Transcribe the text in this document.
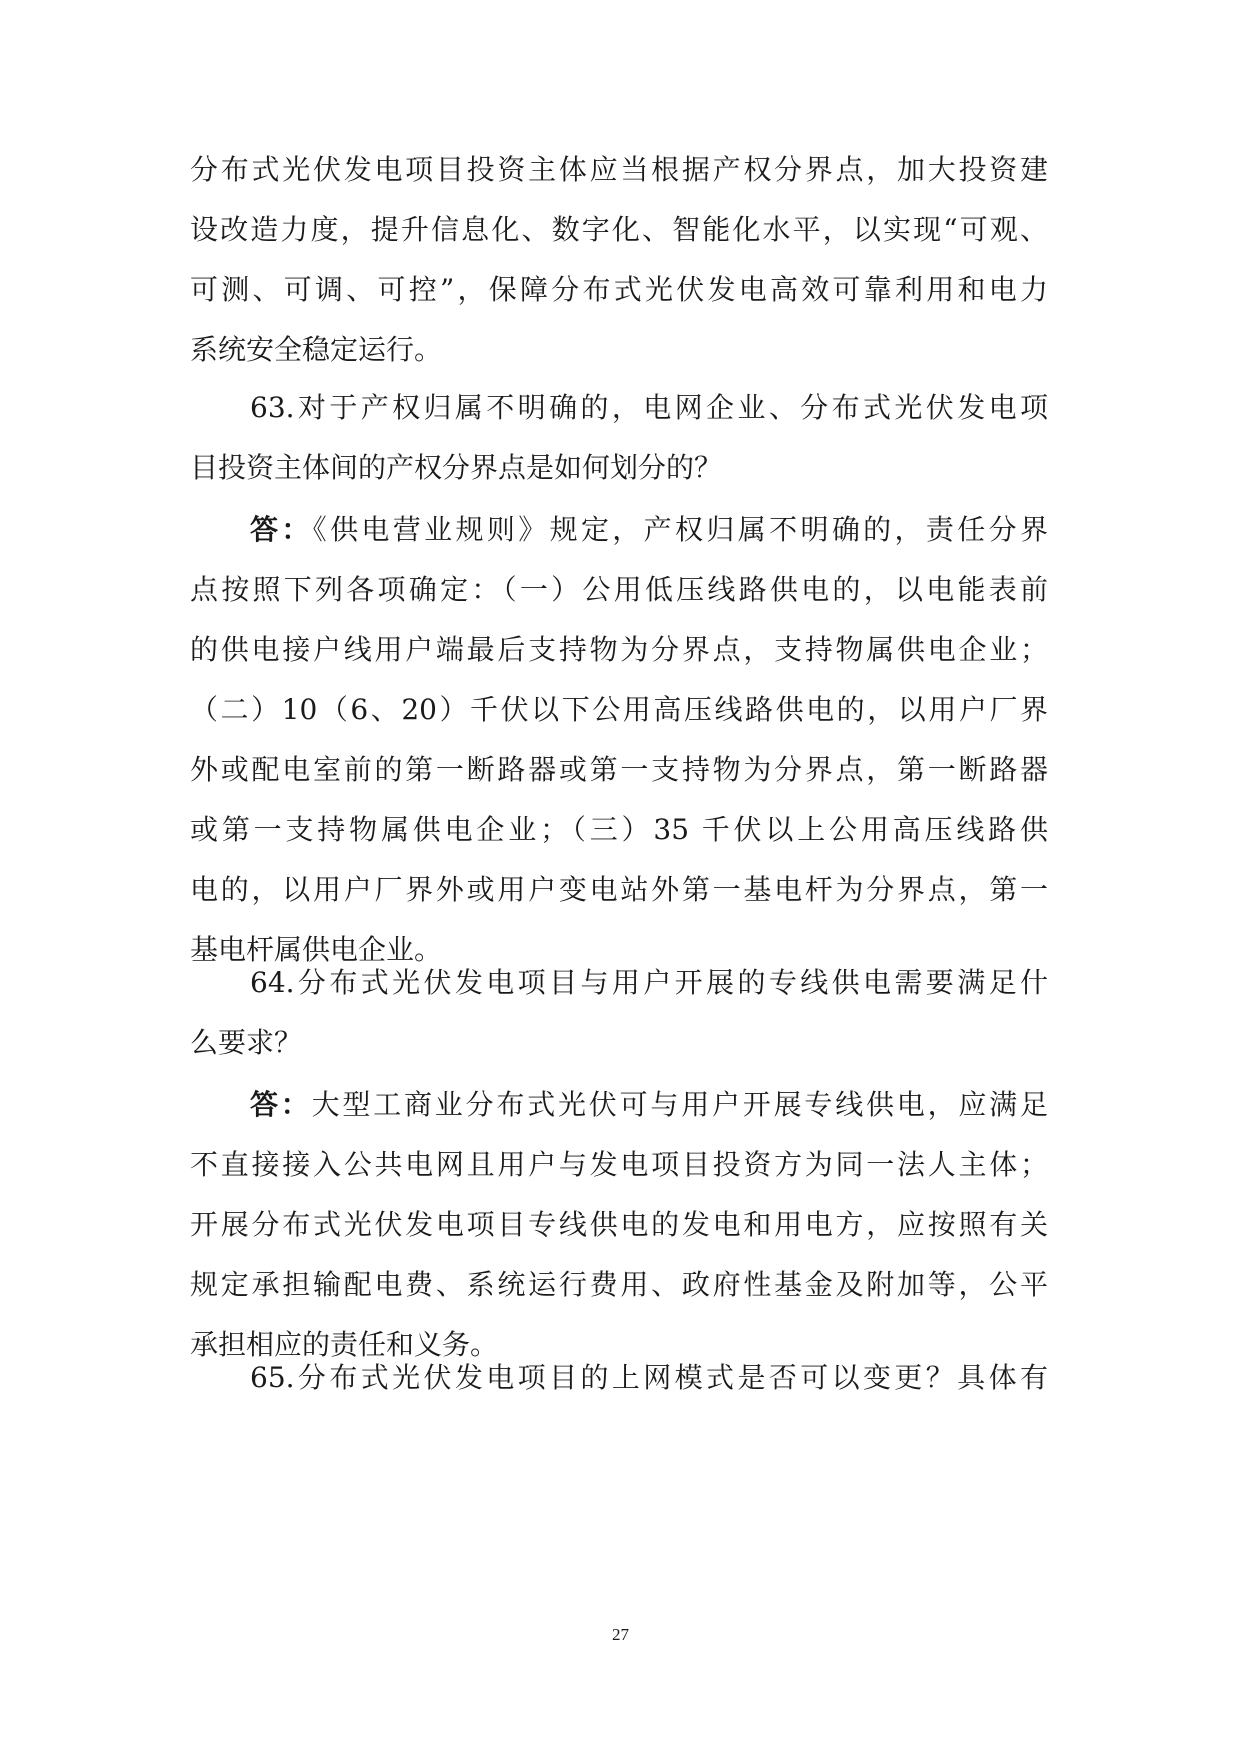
分布式光伏发电项目投资主体应当根据产权分界点，加大投资建
设改造力度，提升信息化、数字化、智能化水平，以实现“可观、
可测、可调、可控”，保障分布式光伏发电高效可靠利用和电力
系统安全稳定运行。
63.对于产权归属不明确的，电网企业、分布式光伏发电项
目投资主体间的产权分界点是如何划分的？
答：《供电营业规则》规定，产权归属不明确的，责任分界
点按照下列各项确定：（一）公用低压线路供电的，以电能表前
的供电接户线用户端最后支持物为分界点，支持物属供电企业；
（二）10（6、20）千伏以下公用高压线路供电的，以用户厂界
外或配电室前的第一断路器或第一支持物为分界点，第一断路器
或第一支持物属供电企业；（三）35 千伏以上公用高压线路供
电的，以用户厂界外或用户变电站外第一基电杆为分界点，第一
基电杆属供电企业。
64.分布式光伏发电项目与用户开展的专线供电需要满足什
么要求？
答：大型工商业分布式光伏可与用户开展专线供电，应满足
不直接接入公共电网且用户与发电项目投资方为同一法人主体；
开展分布式光伏发电项目专线供电的发电和用电方，应按照有关
规定承担输配电费、系统运行费用、政府性基金及附加等，公平
承担相应的责任和义务。
65.分布式光伏发电项目的上网模式是否可以变更？具体有
27
